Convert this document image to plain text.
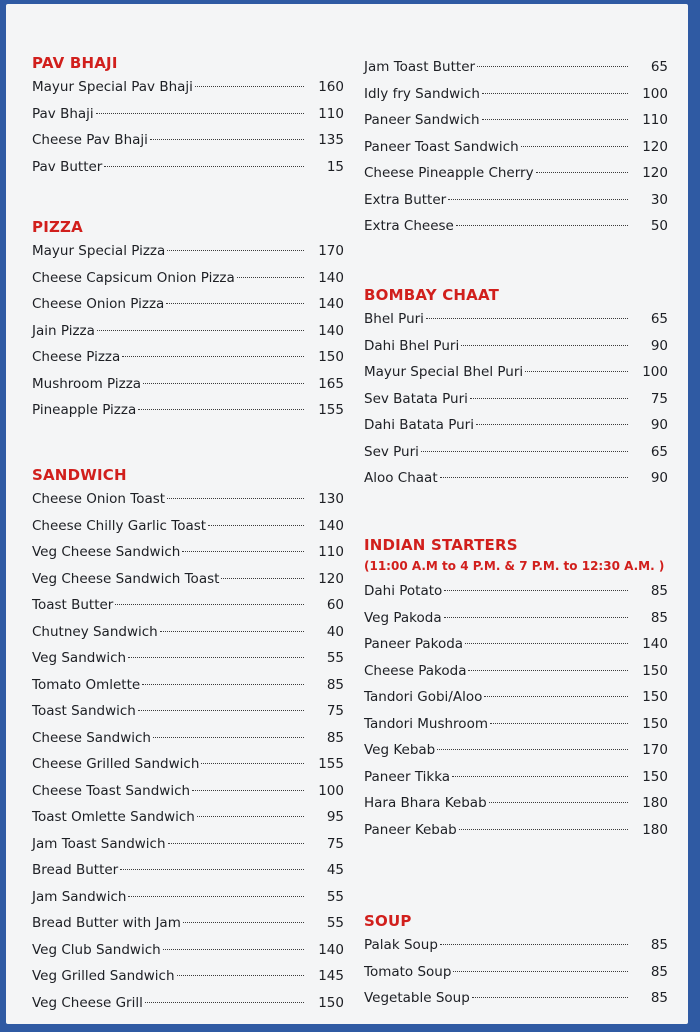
PAV BHAJI
Mayur Special Pav Bhaji	160
Pav Bhaji	110
Cheese Pav Bhaji	135
Pav Butter	15
PIZZA
Mayur Special Pizza	170
Cheese Capsicum Onion Pizza	140
Cheese Onion Pizza	140
Jain Pizza	140
Cheese Pizza	150
Mushroom Pizza	165
Pineapple Pizza	155
SANDWICH
Cheese Onion Toast	130
Cheese Chilly Garlic Toast	140
Veg Cheese Sandwich	110
Veg Cheese Sandwich Toast	120
Toast Butter	60
Chutney Sandwich	40
Veg Sandwich	55
Tomato Omlette	85
Toast Sandwich	75
Cheese Sandwich	85
Cheese Grilled Sandwich	155
Cheese Toast Sandwich	100
Toast Omlette Sandwich	95
Jam Toast Sandwich	75
Bread Butter	45
Jam Sandwich	55
Bread Butter with Jam	55
Veg Club Sandwich	140
Veg Grilled Sandwich	145
Veg Cheese Grill	150
Jam Toast Butter	65
Idly fry Sandwich	100
Paneer Sandwich	110
Paneer Toast Sandwich	120
Cheese Pineapple Cherry	120
Extra Butter	30
Extra Cheese	50
BOMBAY CHAAT
Bhel Puri	65
Dahi Bhel Puri	90
Mayur Special Bhel Puri	100
Sev Batata Puri	75
Dahi Batata Puri	90
Sev Puri	65
Aloo Chaat	90
INDIAN STARTERS
(11:00 A.M to 4 P.M. & 7 P.M. to 12:30 A.M. )
Dahi Potato	85
Veg Pakoda	85
Paneer Pakoda	140
Cheese Pakoda	150
Tandori Gobi/Aloo	150
Tandori Mushroom	150
Veg Kebab	170
Paneer Tikka	150
Hara Bhara Kebab	180
Paneer Kebab	180
SOUP
Palak Soup	85
Tomato Soup	85
Vegetable Soup	85
